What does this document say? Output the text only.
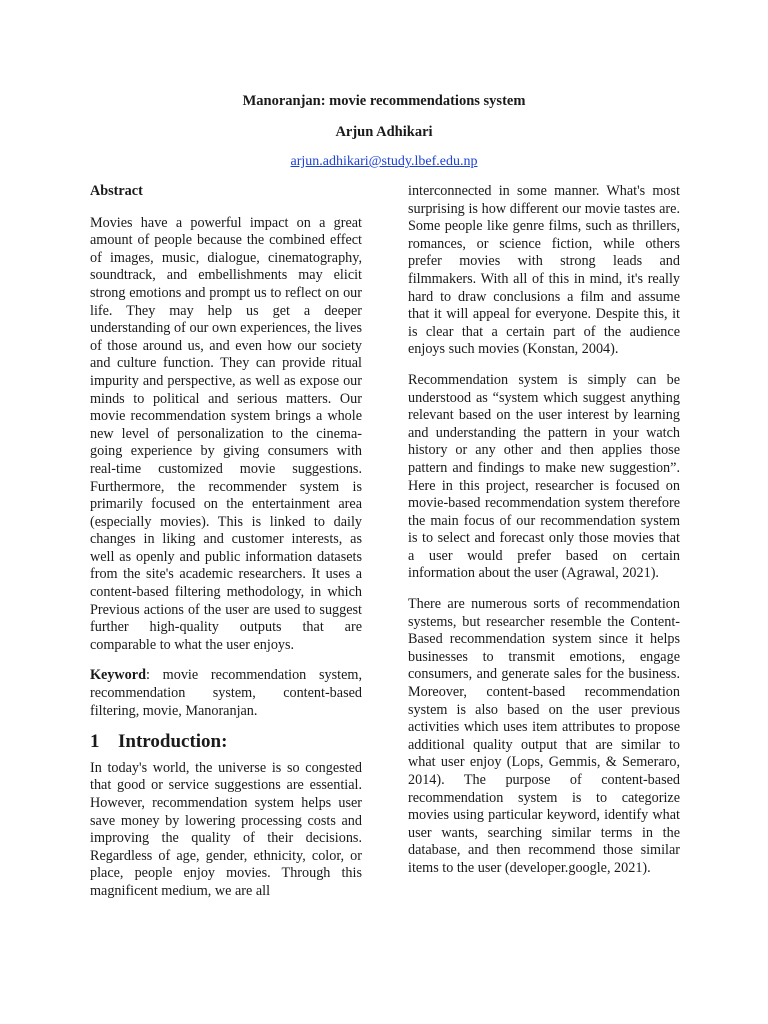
Manoranjan: movie recommendations system
Arjun Adhikari
arjun.adhikari@study.lbef.edu.np
Abstract

Movies have a powerful impact on a great amount of people because the combined effect of images, music, dialogue, cinematography, soundtrack, and embellishments may elicit strong emotions and prompt us to reflect on our life. They may help us get a deeper understanding of our own experiences, the lives of those around us, and even how our society and culture function. They can provide ritual impurity and perspective, as well as expose our minds to political and serious matters. Our movie recommendation system brings a whole new level of personalization to the cinema-going experience by giving consumers with real-time customized movie suggestions. Furthermore, the recommender system is primarily focused on the entertainment area (especially movies). This is linked to daily changes in liking and customer interests, as well as openly and public information datasets from the site's academic researchers. It uses a content-based filtering methodology, in which Previous actions of the user are used to suggest further high-quality outputs that are comparable to what the user enjoys.

Keyword: movie recommendation system, recommendation system, content-based filtering, movie, Manoranjan.

1 Introduction:

In today's world, the universe is so congested that good or service suggestions are essential. However, recommendation system helps user save money by lowering processing costs and improving the quality of their decisions. Regardless of age, gender, ethnicity, color, or place, people enjoy movies. Through this magnificent medium, we are all

interconnected in some manner. What's most surprising is how different our movie tastes are. Some people like genre films, such as thrillers, romances, or science fiction, while others prefer movies with strong leads and filmmakers. With all of this in mind, it's really hard to draw conclusions a film and assume that it will appeal for everyone. Despite this, it is clear that a certain part of the audience enjoys such movies (Konstan, 2004).

Recommendation system is simply can be understood as “system which suggest anything relevant based on the user interest by learning and understanding the pattern in your watch history or any other and then applies those pattern and findings to make new suggestion”. Here in this project, researcher is focused on movie-based recommendation system therefore the main focus of our recommendation system is to select and forecast only those movies that a user would prefer based on certain information about the user (Agrawal, 2021).

There are numerous sorts of recommendation systems, but researcher resemble the Content-Based recommendation system since it helps businesses to transmit emotions, engage consumers, and generate sales for the business. Moreover, content-based recommendation system is also based on the user previous activities which uses item attributes to propose additional quality output that are similar to what user enjoy (Lops, Gemmis, & Semeraro, 2014). The purpose of content-based recommendation system is to categorize movies using particular keyword, identify what user wants, searching similar terms in the database, and then recommend those similar items to the user (developer.google, 2021).
